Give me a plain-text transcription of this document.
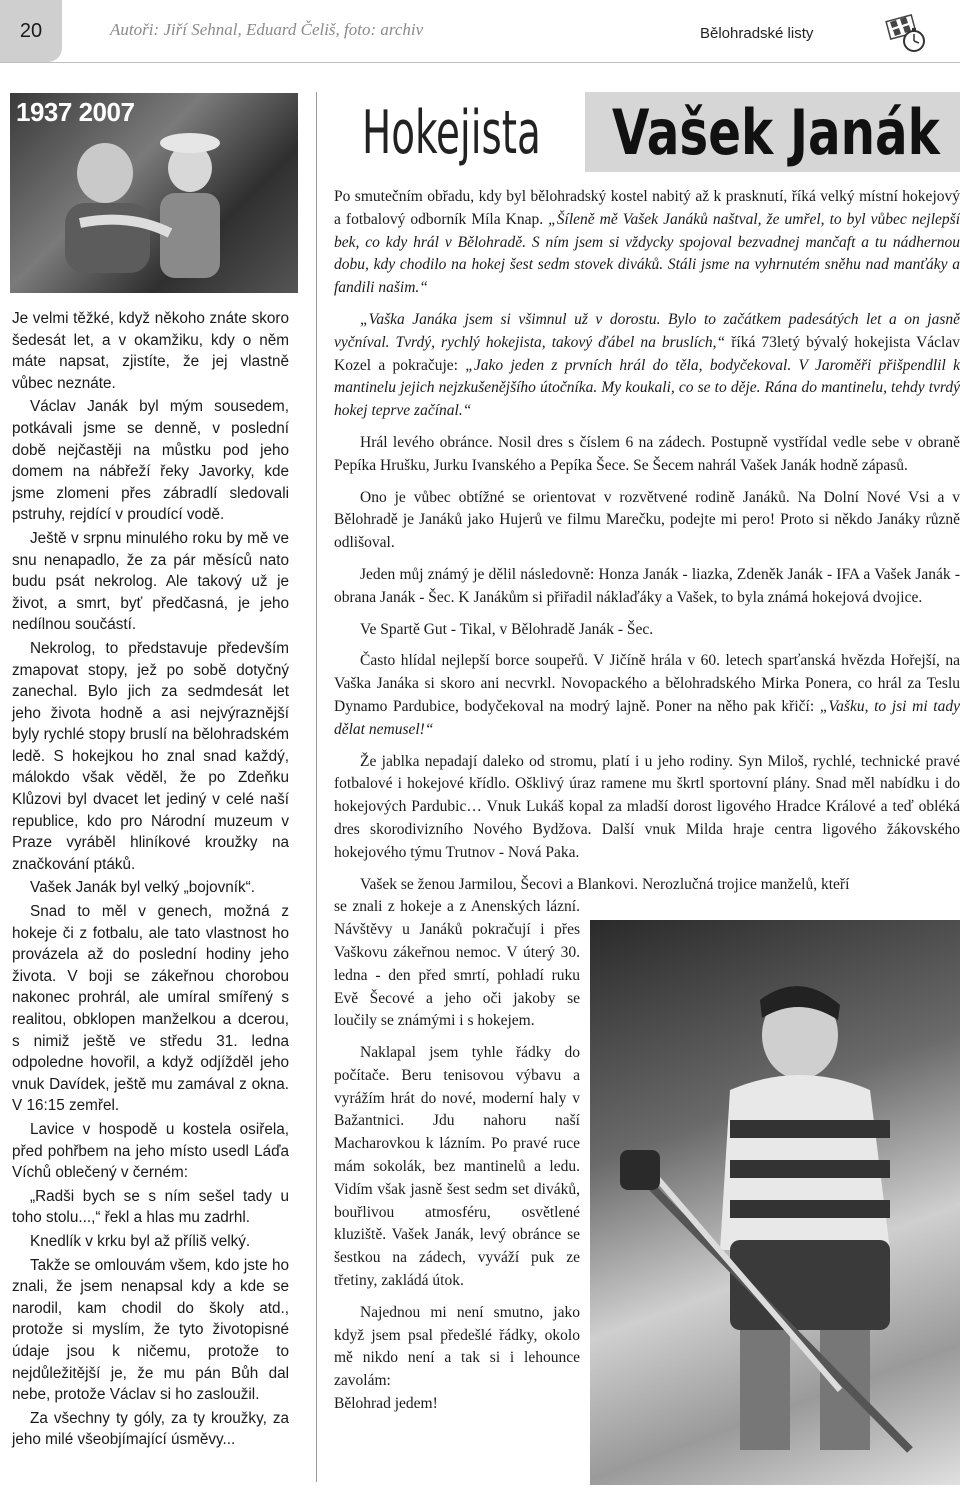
20	Autoři: Jiří Sehnal, Eduard Čeliš, foto: archiv	Bělohradské listy
1937 2007

Je velmi těžké, když někoho znáte skoro šedesát let, a v okamžiku, kdy o něm máte napsat, zjistíte, že jej vlastně vůbec neznáte.

Václav Janák byl mým sousedem, potkávali jsme se denně, v poslední době nejčastěji na můstku pod jeho domem na nábřeží řeky Javorky, kde jsme zlomeni přes zábradlí sledovali pstruhy, rejdící v proudící vodě.

Ještě v srpnu minulého roku by mě ve snu nenapadlo, že za pár měsíců nato budu psát nekrolog. Ale takový už je život, a smrt, byť předčasná, je jeho nedílnou součástí.

Nekrolog, to představuje především zmapovat stopy, jež po sobě dotyčný zanechal. Bylo jich za sedmdesát let jeho života hodně a asi nejvýraznější byly rychlé stopy bruslí na bělohradském ledě. S hokejkou ho znal snad každý, málokdo však věděl, že po Zdeňku Klůzovi byl dvacet let jediný v celé naší republice, kdo pro Národní muzeum v Praze vyráběl hliníkové kroužky na značkování ptáků.

Vašek Janák byl velký „bojovník“.

Snad to měl v genech, možná z hokeje či z fotbalu, ale tato vlastnost ho provázela až do poslední hodiny jeho života. V boji se zákeřnou chorobou nakonec prohrál, ale umíral smířený s realitou, obklopen manželkou a dcerou, s nimiž ještě ve středu 31. ledna odpoledne hovořil, a když odjížděl jeho vnuk Davídek, ještě mu zamával z okna. V 16:15 zemřel.

Lavice v hospodě u kostela osiřela, před pohřbem na jeho místo usedl Láďa Víchů oblečený v černém:

„Radši bych se s ním sešel tady u toho stolu...,“ řekl a hlas mu zadrhl.

Knedlík v krku byl až příliš velký.

Takže se omlouvám všem, kdo jste ho znali, že jsem nenapsal kdy a kde se narodil, kam chodil do školy atd., protože si myslím, že tyto životopisné údaje jsou k ničemu, protože to nejdůležitější je, že mu pán Bůh dal nebe, protože Václav si ho zasloužil.

Za všechny ty góly, za ty kroužky, za jeho milé všeobjímající úsměvy...

Hokejista Vašek Janák

Po smutečním obřadu, kdy byl bělohradský kostel nabitý až k prasknutí, říká velký místní hokejový a fotbalový odborník Míla Knap. „Šíleně mě Vašek Janáků naštval, že umřel, to byl vůbec nejlepší bek, co kdy hrál v Bělohradě. S ním jsem si vždycky spojoval bezvadnej mančaft a tu nádhernou dobu, kdy chodilo na hokej šest sedm stovek diváků. Stáli jsme na vyhrnutém sněhu nad manťáky a fandili našim.“

„Vaška Janáka jsem si všimnul už v dorostu. Bylo to začátkem padesátých let a on jasně vyčníval. Tvrdý, rychlý hokejista, takový ďábel na bruslích,“ říká 73letý bývalý hokejista Václav Kozel a pokračuje: „Jako jeden z prvních hrál do těla, bodyčekoval. V Jaroměři přišpendlil k mantinelu jejich nejzkušenějšího útočníka. My koukali, co se to děje. Rána do mantinelu, tehdy tvrdý hokej teprve začínal.“

Hrál levého obránce. Nosil dres s číslem 6 na zádech. Postupně vystřídal vedle sebe v obraně Pepíka Hrušku, Jurku Ivanského a Pepíka Šece. Se Šecem nahrál Vašek Janák hodně zápasů.

Ono je vůbec obtížné se orientovat v rozvětvené rodině Janáků. Na Dolní Nové Vsi a v Bělohradě je Janáků jako Hujerů ve filmu Marečku, podejte mi pero! Proto si někdo Janáky různě odlišoval.

Jeden můj známý je dělil následovně: Honza Janák - liazka, Zdeněk Janák - IFA a Vašek Janák - obrana Janák - Šec. K Janákům si přiřadil náklaďáky a Vašek, to byla známá hokejová dvojice.

Ve Spartě Gut - Tikal, v Bělohradě Janák - Šec.

Často hlídal nejlepší borce soupeřů. V Jičíně hrála v 60. letech sparťanská hvězda Hořejší, na Vaška Janáka si skoro ani necvrkl. Novopackého a bělohradského Mirka Ponera, co hrál za Teslu Dynamo Pardubice, bodyčekoval na modrý lajně. Poner na něho pak křičí: „Vašku, to jsi mi tady dělat nemusel!“

Že jablka nepadají daleko od stromu, platí i u jeho rodiny. Syn Miloš, rychlé, technické pravé fotbalové i hokejové křídlo. Ošklivý úraz ramene mu škrtl sportovní plány. Snad měl nabídku i do hokejových Pardubic… Vnuk Lukáš kopal za mladší dorost ligového Hradce Králové a teď obléká dres skorodivizního Nového Bydžova. Další vnuk Milda hraje centra ligového žákovského hokejového týmu Trutnov - Nová Paka.

Vašek se ženou Jarmilou, Šecovi a Blankovi. Nerozlučná trojice manželů, kteří

se znali z hokeje a z Anenských lázní. Návštěvy u Janáků pokračují i přes Vaškovu zákeřnou nemoc. V úterý 30. ledna - den před smrtí, pohladí ruku Evě Šecové a jeho oči jakoby se loučily se známými i s hokejem.

Naklapal jsem tyhle řádky do počítače. Beru tenisovou výbavu a vyrážím hrát do nové, moderní haly v Bažantnici. Jdu nahoru naší Macharovkou k lázním. Po pravé ruce mám sokolák, bez mantinelů a ledu. Vidím však jasně šest sedm set diváků, bouřlivou atmosféru, osvětlené kluziště. Vašek Janák, levý obránce se šestkou na zádech, vyváží puk ze třetiny, zakládá útok.

Najednou mi není smutno, jako když jsem psal předešlé řádky, okolo mě nikdo není a tak si i lehounce zavolám:

Bělohrad jedem!
